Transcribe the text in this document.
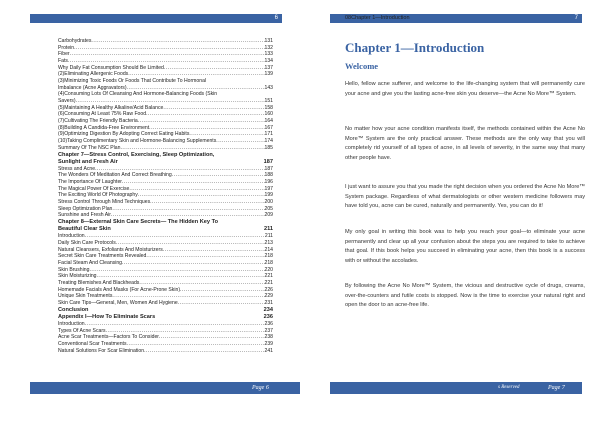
6
Carbohydrates .....	131
Protein .....	132
Fiber .....	133
Fats .....	134
Why Daily Fat Consumption Should Be Limited .....	137
(2)Eliminating Allergenic Foods .....	139
(3)Minimizing Toxic Foods Or Foods That Contribute To Hormonal
Imbalance (Acne Aggravators) .....	143
(4)Consuming Lots Of Cleansing And Hormone-Balancing Foods (Skin
Savers) .....	151
(5)Maintaining A Healthy Alkaline/Acid Balance .....	158
(6)Consuming At Least 75% Raw Food .....	160
(7)Cultivating The Friendly Bacteria .....	164
(8)Building A Candida-Free Environment .....	167
(9)Optimizing Digestion By Adopting Correct Eating Habits .....	171
(10)Taking Complimentary Skin and Hormone-Balancing Supplements .....	174
Summary Of The NSC Plan .....	185
Chapter 7—Stress Control, Exercising, Sleep Optimization,
Sunlight and Fresh Air	187
Stress and Acne .....	187
The Wonders Of Meditation And Correct Breathing .....	188
The Importance Of Laughter .....	196
The Magical Power Of Exercise .....	197
The Exciting World Of Photography .....	199
Stress Control Through Mind Techniques .....	200
Sleep Optimization Plan .....	205
Sunshine and Fresh Air .....	209
Chapter 8—External Skin Care Secrets— The Hidden Key To
Beautiful Clear Skin	211
Introduction .....	211
Daily Skin Care Protocols .....	213
Natural Cleansers, Exfoliants And Moisturizers .....	214
Secret Skin Care Treatments Revealed .....	218
Facial Steam And Cleansing .....	218
Skin Brushing .....	220
Skin Moisturizing .....	221
Treating Blemishes And Blackheads .....	221
Homemade Facials And Masks (For Acne-Prone Skin) .....	226
Unique Skin Treatments .....	229
Skin Care Tips—General, Men, Women And Hygiene .....	231
Conclusion	234
Appendix I—How To Eliminate Scars	236
Introduction .....	236
Types Of Acne Scars .....	237
Acne Scar Treatments—Factors To Consider .....	238
Conventional Scar Treatments .....	239
Natural Solutions For Scar Elimination .....	241
Page 6
7
08Chapter 1—Introduction
Chapter 1—Introduction
Welcome
Hello, fellow acne sufferer, and welcome to the life-changing system that will permanently cure your acne and give you the lasting acne-free skin you deserve—the Acne No More™ System.
No matter how your acne condition manifests itself, the methods contained within the Acne No More™ System are the only practical answer. These methods are the only way that you will completely rid yourself of all types of acne, in all levels of severity, in the same way that many other people have.
I just want to assure you that you made the right decision when you ordered the Acne No More™ System package. Regardless of what dermatologists or other western medicine followers may have told you, acne can be cured, naturally and permanently. Yes, you can do it!
My only goal in writing this book was to help you reach your goal—to eliminate your acne permanently and clear up all your confusion about the steps you are required to take to achieve that goal. If this book helps you succeed in eliminating your acne, then this book is a success with or without the accolades.
By following the Acne No More™ System, the vicious and destructive cycle of drugs, creams, over-the-counters and futile costs is stopped. Now is the time to exercise your natural right and open the door to an acne-free life.
s Reserved	Page 7
